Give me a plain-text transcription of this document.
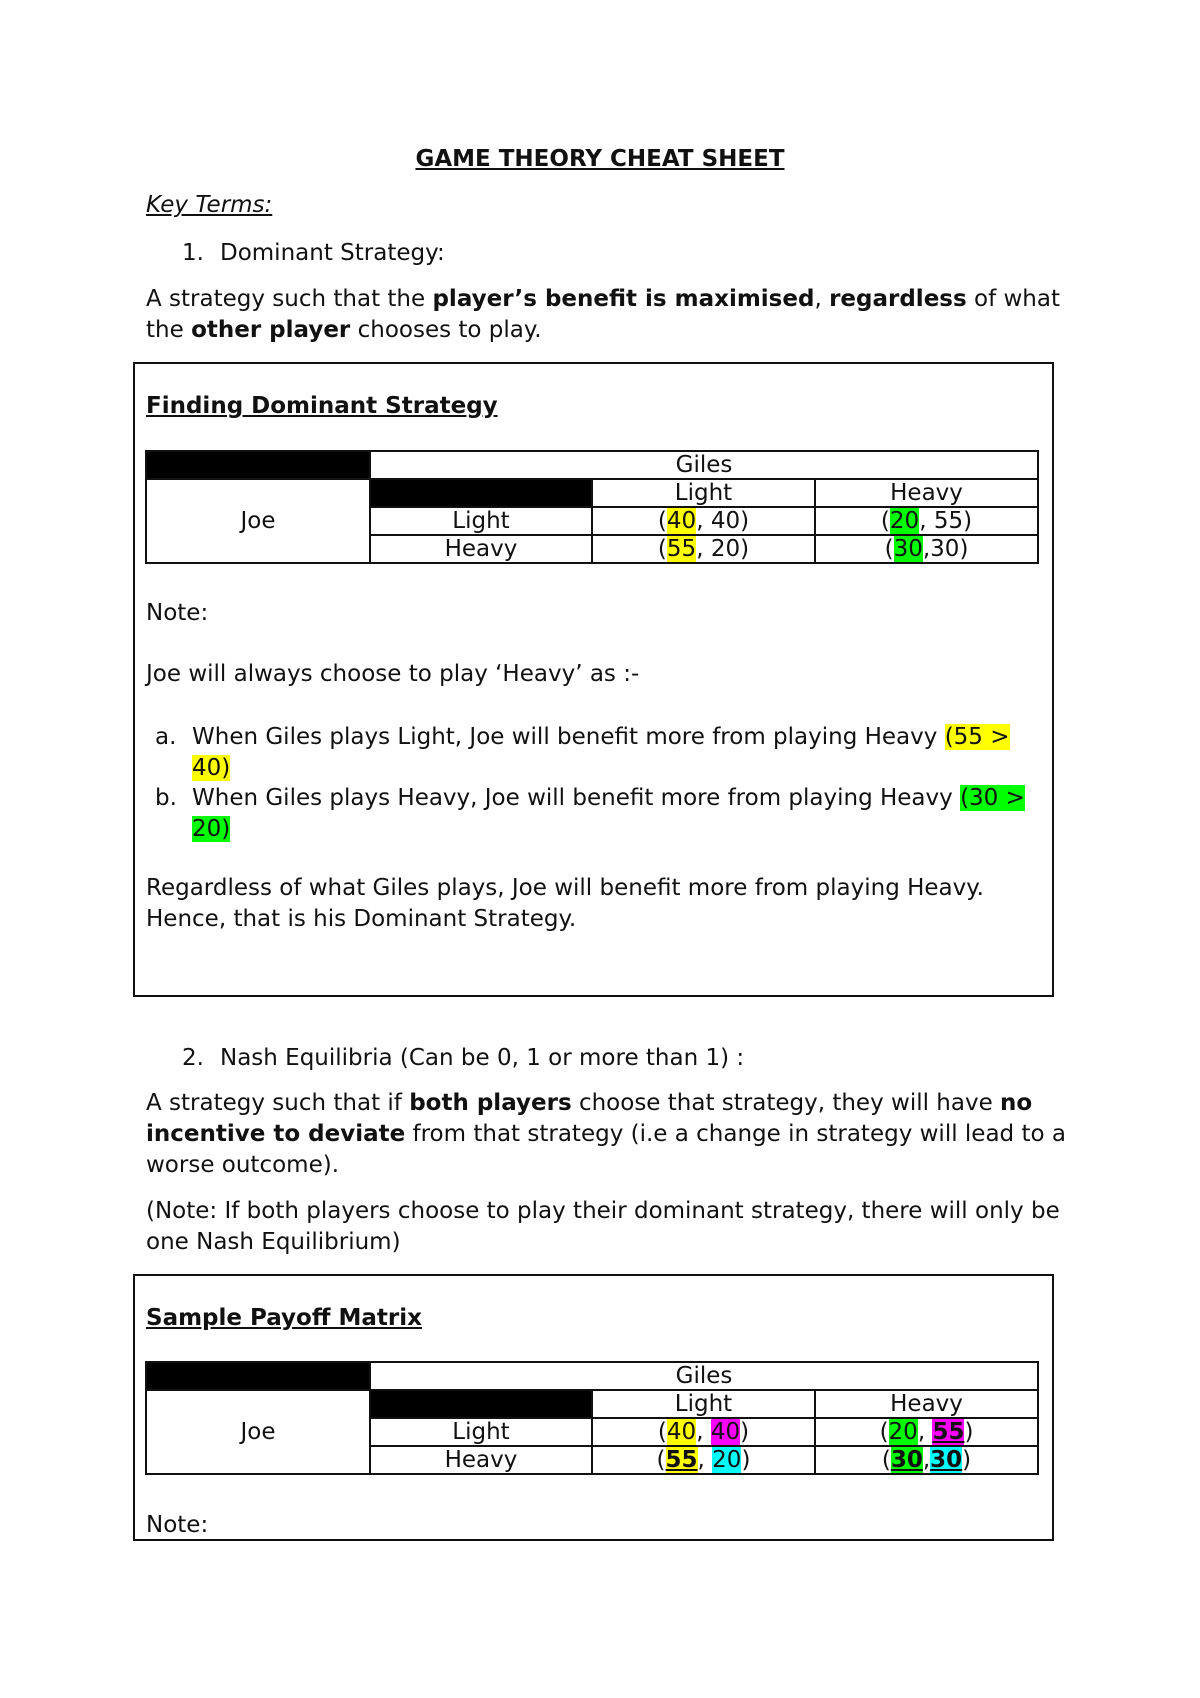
GAME THEORY CHEAT SHEET
Key Terms:
1. Dominant Strategy:
A strategy such that the player’s benefit is maximised, regardless of what the other player chooses to play.
Finding Dominant Strategy
	Giles		
Joe		Light	Heavy
	Light	(40, 40)	(20, 55)
	Heavy	(55, 20)	(30,30)
Note:
Joe will always choose to play ‘Heavy’ as :-
a. When Giles plays Light, Joe will benefit more from playing Heavy (55 > 40)
b. When Giles plays Heavy, Joe will benefit more from playing Heavy (30 > 20)
Regardless of what Giles plays, Joe will benefit more from playing Heavy. Hence, that is his Dominant Strategy.
2. Nash Equilibria (Can be 0, 1 or more than 1) :
A strategy such that if both players choose that strategy, they will have no incentive to deviate from that strategy (i.e a change in strategy will lead to a worse outcome).
(Note: If both players choose to play their dominant strategy, there will only be one Nash Equilibrium)
Sample Payoff Matrix
	Giles		
Joe		Light	Heavy
	Light	(40, 40)	(20, 55)
	Heavy	(55, 20)	(30,30)
Note:
